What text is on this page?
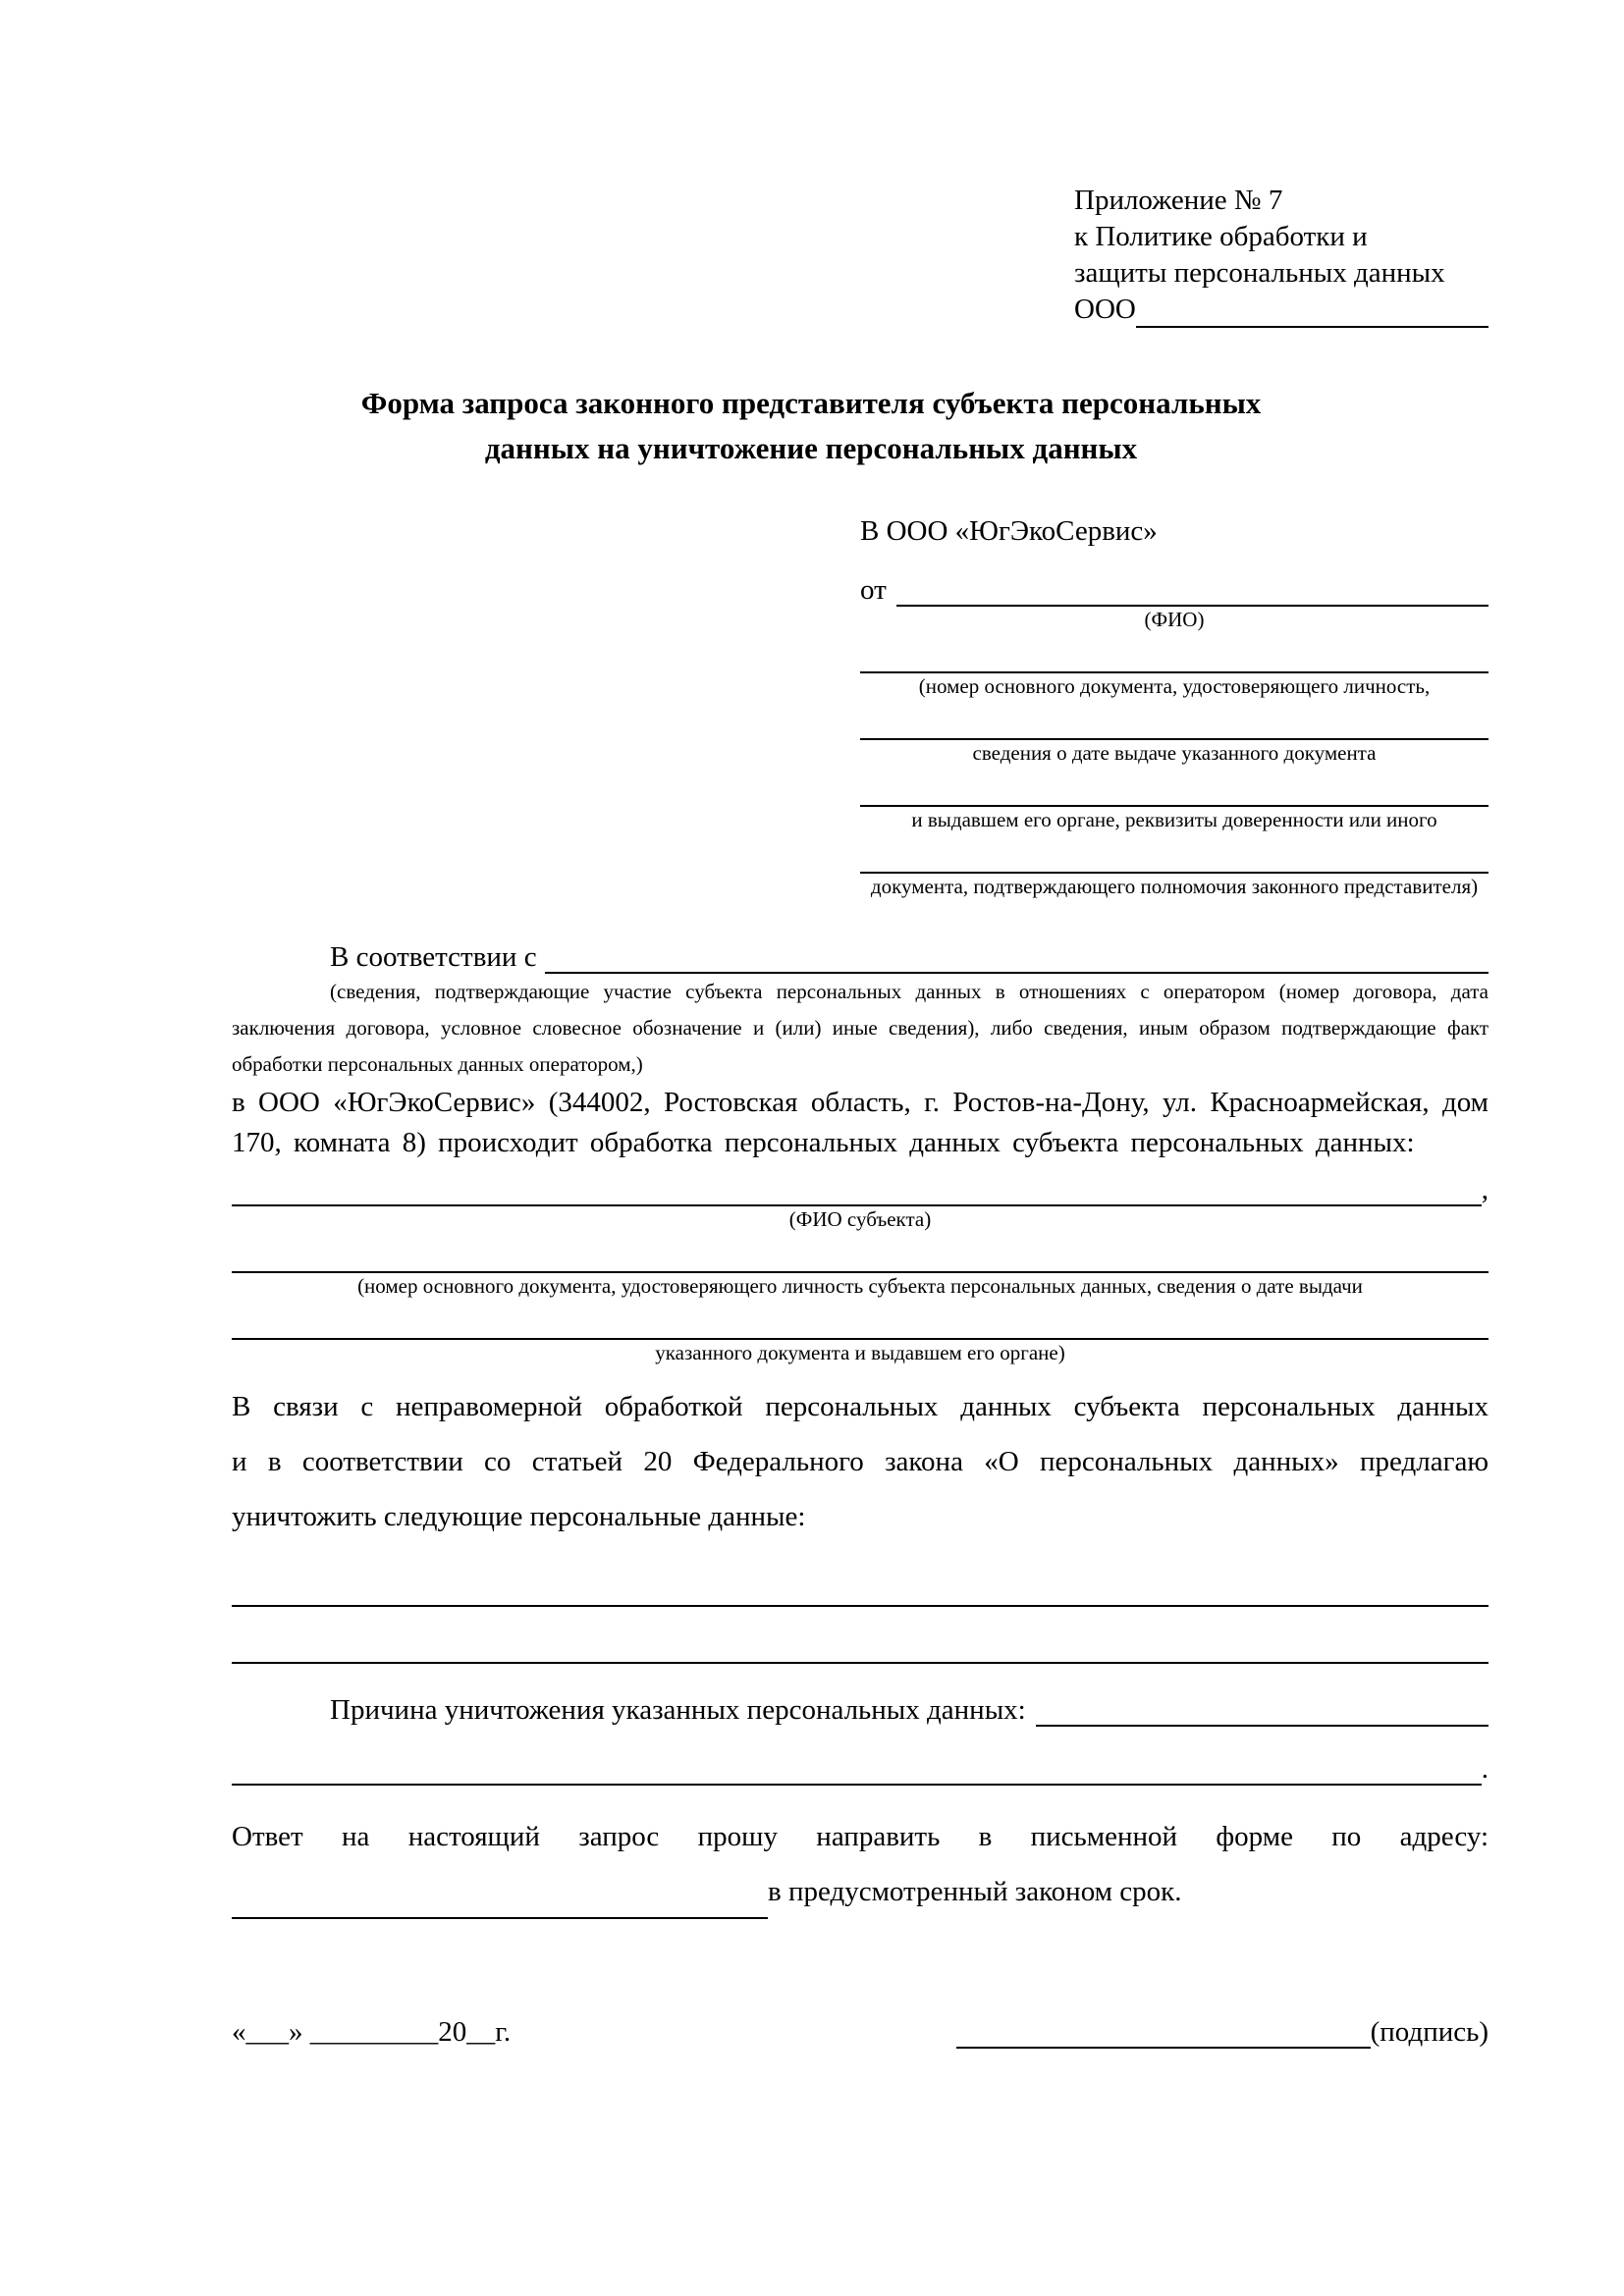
Приложение № 7
к Политике обработки и
защиты персональных данных
ООО
Форма запроса законного представителя субъекта персональных
данных на уничтожение персональных данных
В ООО «ЮгЭкоСервис»
от
(ФИО)
(номер основного документа, удостоверяющего личность,
сведения о дате выдаче указанного документа
и выдавшем его органе, реквизиты доверенности или иного
документа, подтверждающего полномочия законного представителя)
В соответствии с
(сведения, подтверждающие участие субъекта персональных данных в отношениях с оператором (номер договора, дата заключения договора, условное словесное обозначение и (или) иные сведения), либо сведения, иным образом подтверждающие факт обработки персональных данных оператором,)
в ООО «ЮгЭкоСервис» (344002, Ростовская область, г. Ростов-на-Дону, ул. Красноармейская, дом 170, комната 8) происходит обработка персональных данных субъекта персональных данных:
,
(ФИО субъекта)
(номер основного документа, удостоверяющего личность субъекта персональных данных, сведения о дате выдачи
указанного документа и выдавшем его органе)
В связи с неправомерной обработкой персональных данных субъекта персональных данных
и в соответствии со статьей 20 Федерального закона «О персональных данных» предлагаю
уничтожить следующие персональные данные:
Причина уничтожения указанных персональных данных:
.
Ответ на настоящий запрос прошу направить в письменной форме по адресу:
в предусмотренный законом срок.
«___» _________20__г.	(подпись)
